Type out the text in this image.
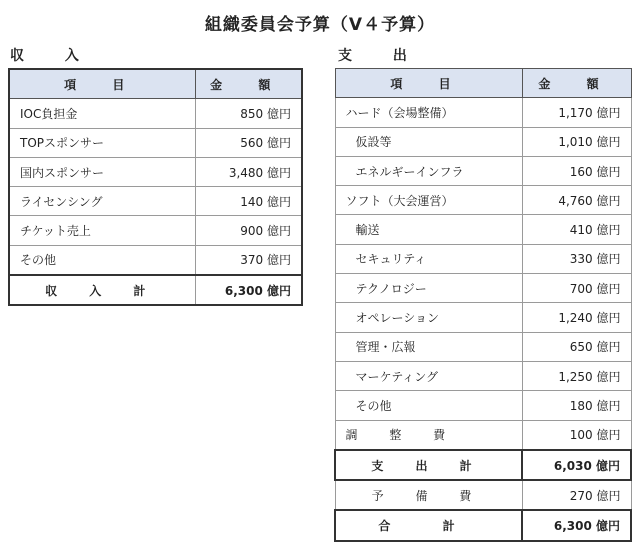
組織委員会予算（V４予算）
収 入	支 出
項 目	金 額
IOC負担金	850 億円
TOPスポンサー	560 億円
国内スポンサー	3,480 億円
ライセンシング	140 億円
チケット売上	900 億円
その他	370 億円
収 入 計	6,300 億円
項 目	金 額
ハード（会場整備）	1,170 億円
仮設等	1,010 億円
エネルギーインフラ	160 億円
ソフト（大会運営）	4,760 億円
輸送	410 億円
セキュリティ	330 億円
テクノロジー	700 億円
オペレーション	1,240 億円
管理・広報	650 億円
マーケティング	1,250 億円
その他	180 億円
調 整 費	100 億円
支 出 計	6,030 億円
予 備 費	270 億円
合 計	6,300 億円
